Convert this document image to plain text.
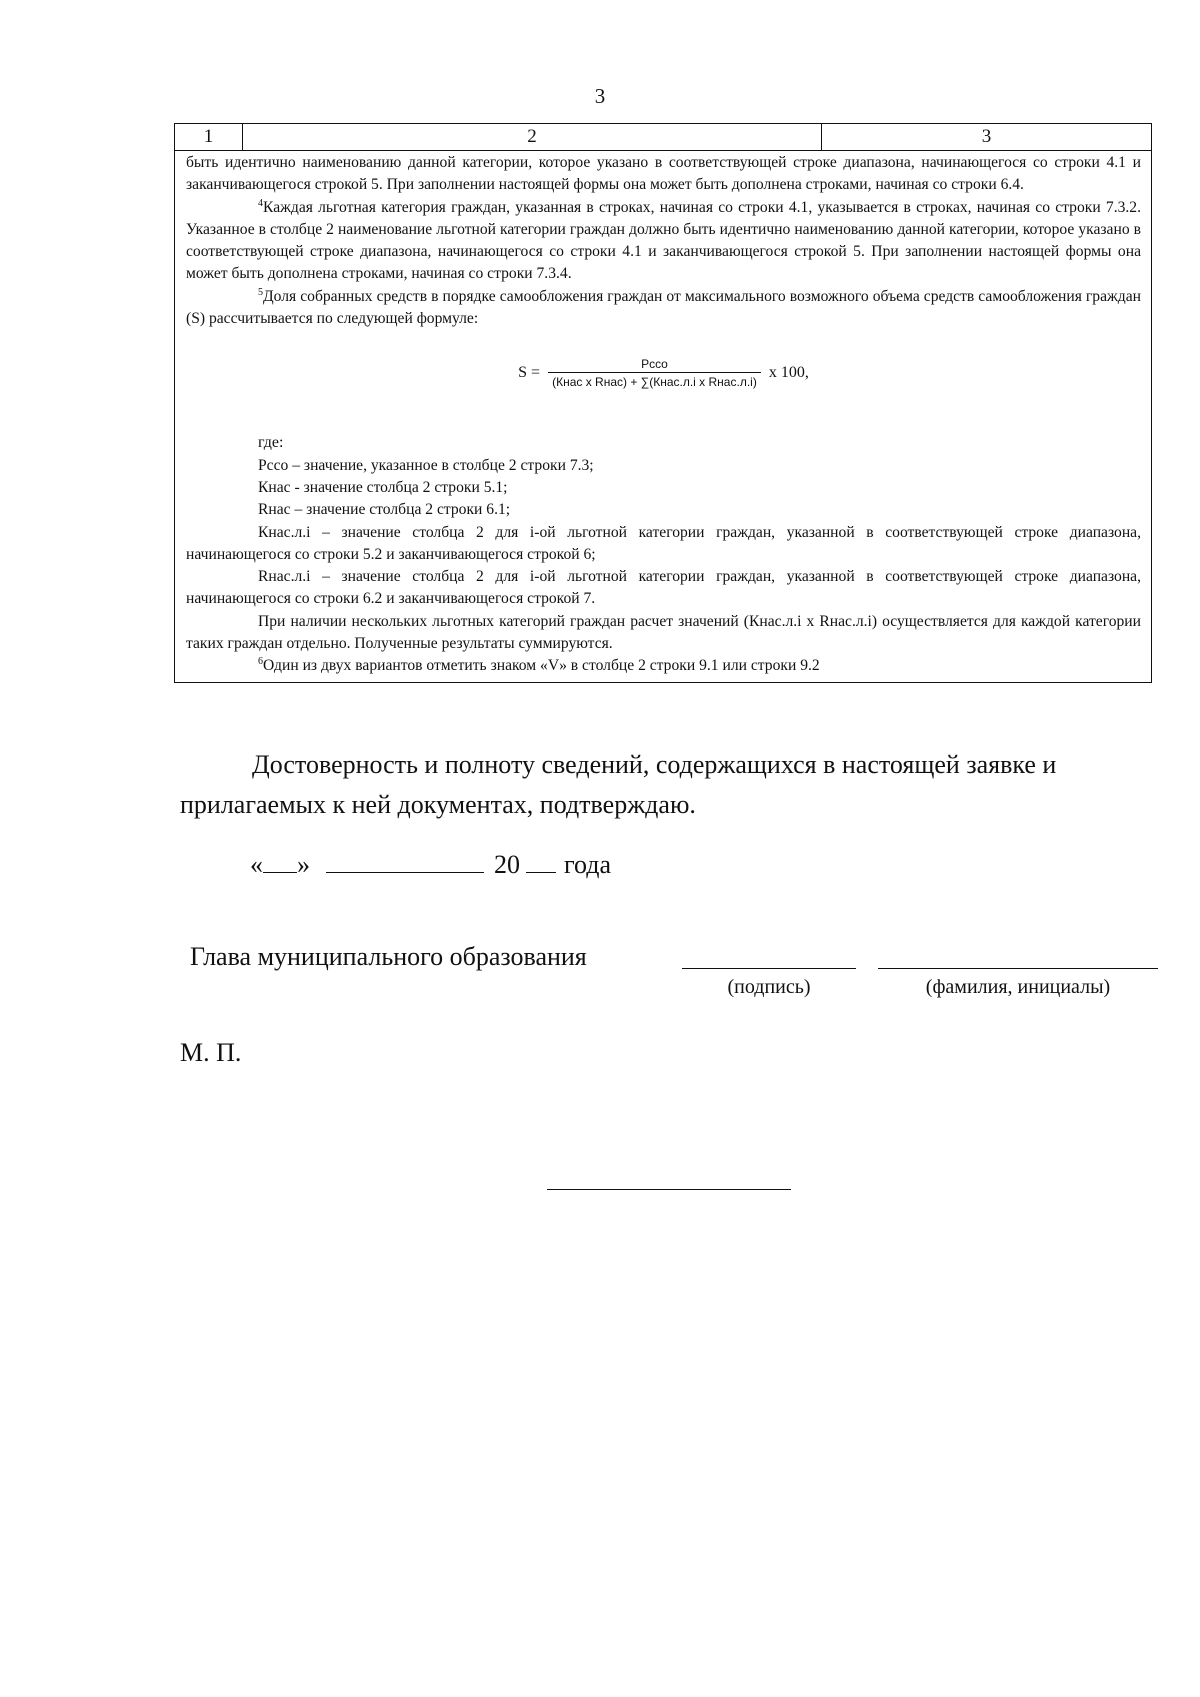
3
1	2	3

быть идентично наименованию данной категории, которое указано в соответствующей строке диапазона, начинающегося со строки 4.1 и заканчивающегося строкой 5. При заполнении настоящей формы она может быть дополнена строками, начиная со строки 6.4.

$^4$Каждая льготная категория граждан, указанная в строках, начиная со строки 4.1, указывается в строках, начиная со строки 7.3.2. Указанное в столбце 2 наименование льготной категории граждан должно быть идентично наименованию данной категории, которое указано в соответствующей строке диапазона, начинающегося со строки 4.1 и заканчивающегося строкой 5. При заполнении настоящей формы она может быть дополнена строками, начиная со строки 7.3.4.

$^5$Доля собранных средств в порядке самообложения граждан от максимального возможного объема средств самообложения граждан (S) рассчитывается по следующей формуле:

$S = \frac{\text{Рсco}}{\text{(Кнас x Rнас) + ∑(Кнас.л.i x Rнас.л.i)}}$ x 100,

где:

Рсco – значение, указанное в столбце 2 строки 7.3;

Кнас - значение столбца 2 строки 5.1;

Rнас – значение столбца 2 строки 6.1;

Кнас.л.i – значение столбца 2 для i-ой льготной категории граждан, указанной в соответствующей строке диапазона, начинающегося со строки 5.2 и заканчивающегося строкой 6;

Rнас.л.i – значение столбца 2 для i-ой льготной категории граждан, указанной в соответствующей строке диапазона, начинающегося со строки 6.2 и заканчивающегося строкой 7.

При наличии нескольких льготных категорий граждан расчет значений (Кнас.л.i x Rнас.л.i) осуществляется для каждой категории таких граждан отдельно. Полученные результаты суммируются.

$^6$Один из двух вариантов отметить знаком «V» в столбце 2 строки 9.1 или строки 9.2

Достоверность и полноту сведений, содержащихся в настоящей заявке и прилагаемых к ней документах, подтверждаю.
« »	20 года
Глава муниципального образования
(подпись)	(фамилия, инициалы)
М. П.
